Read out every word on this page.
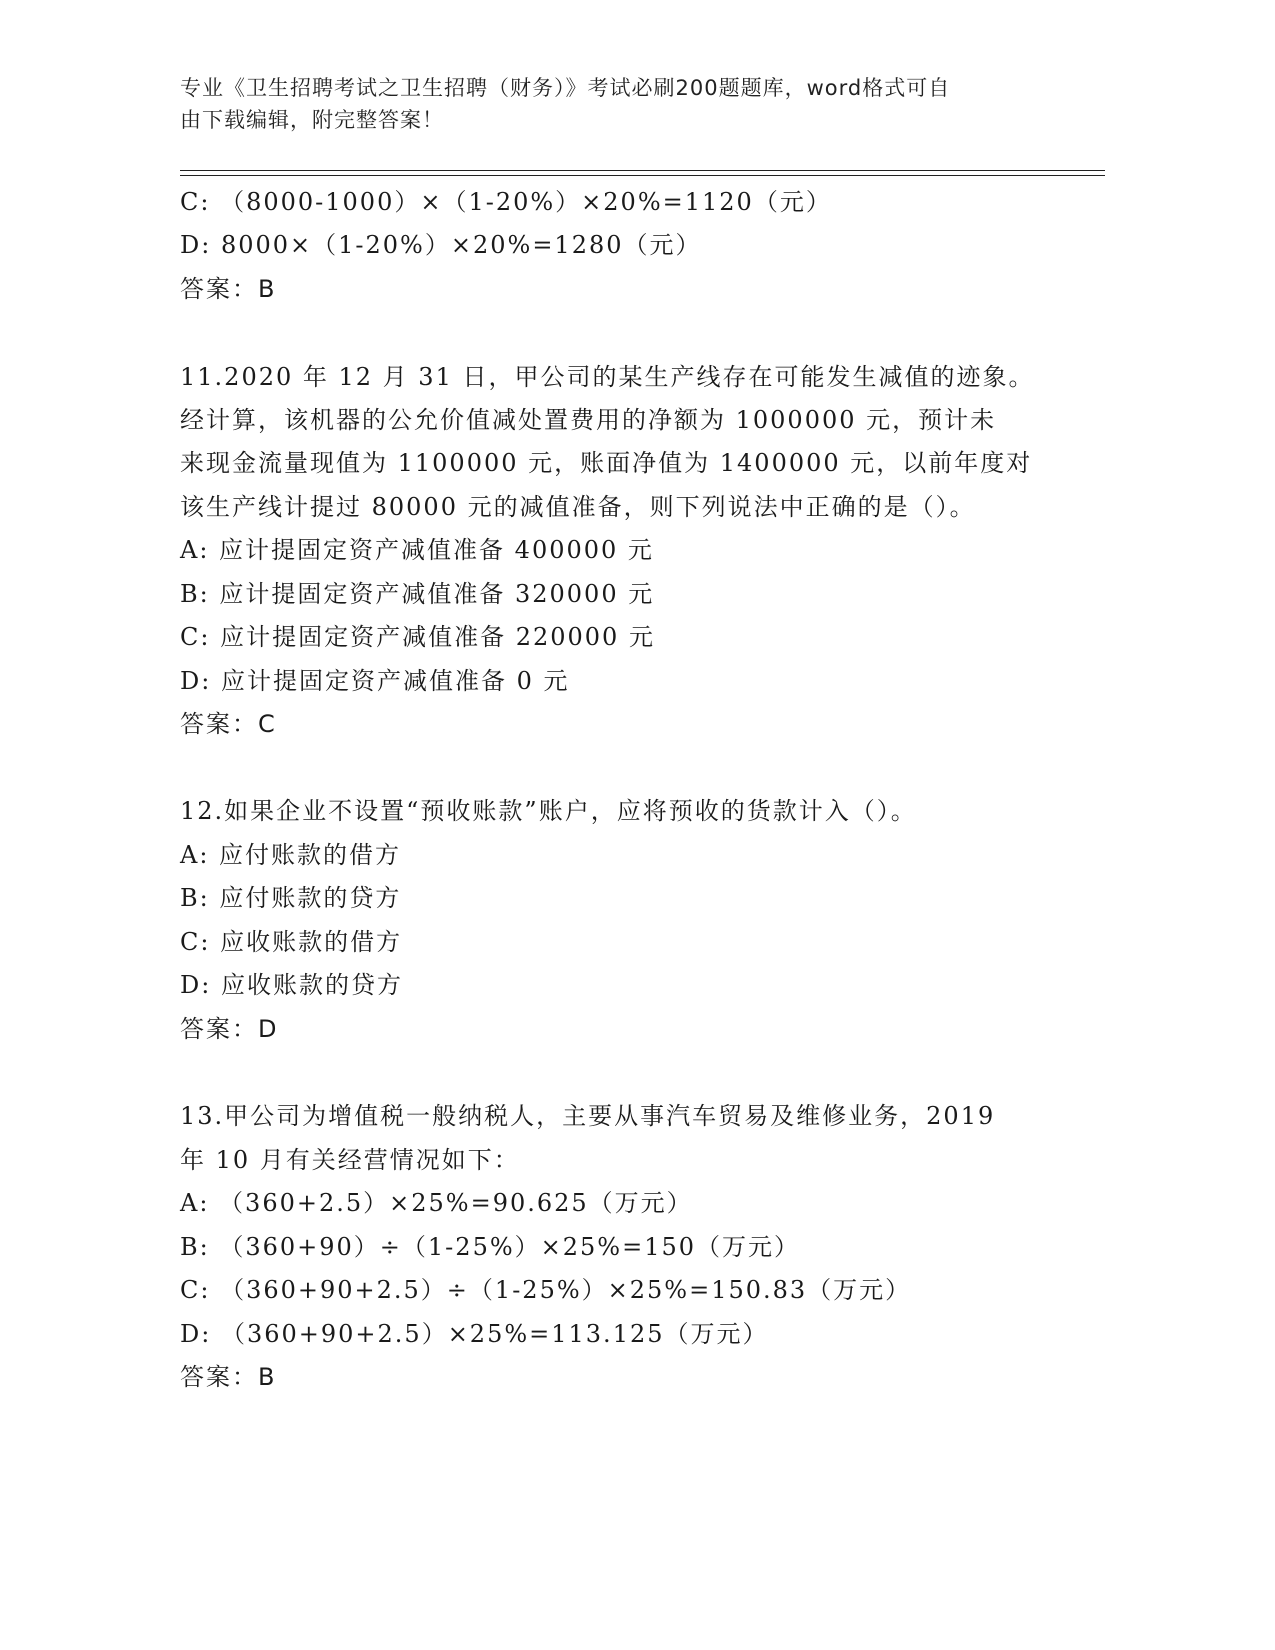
专业《卫生招聘考试之卫生招聘（财务）》考试必刷200题题库，word格式可自
由下载编辑，附完整答案！
C: （8000-1000）×（1-20%）×20%=1120（元）
D: 8000×（1-20%）×20%=1280（元）
答案：B
11.2020 年 12 月 31 日，甲公司的某生产线存在可能发生减值的迹象。
经计算，该机器的公允价值减处置费用的净额为 1000000 元，预计未
来现金流量现值为 1100000 元，账面净值为 1400000 元，以前年度对
该生产线计提过 80000 元的减值准备，则下列说法中正确的是（）。
A: 应计提固定资产减值准备 400000 元
B: 应计提固定资产减值准备 320000 元
C: 应计提固定资产减值准备 220000 元
D: 应计提固定资产减值准备 0 元
答案：C
12.如果企业不设置“预收账款”账户，应将预收的货款计入（）。
A: 应付账款的借方
B: 应付账款的贷方
C: 应收账款的借方
D: 应收账款的贷方
答案：D
13.甲公司为增值税一般纳税人，主要从事汽车贸易及维修业务，2019
年 10 月有关经营情况如下：
A: （360+2.5）×25%=90.625（万元）
B: （360+90）÷（1-25%）×25%=150（万元）
C: （360+90+2.5）÷（1-25%）×25%=150.83（万元）
D: （360+90+2.5）×25%=113.125（万元）
答案：B
